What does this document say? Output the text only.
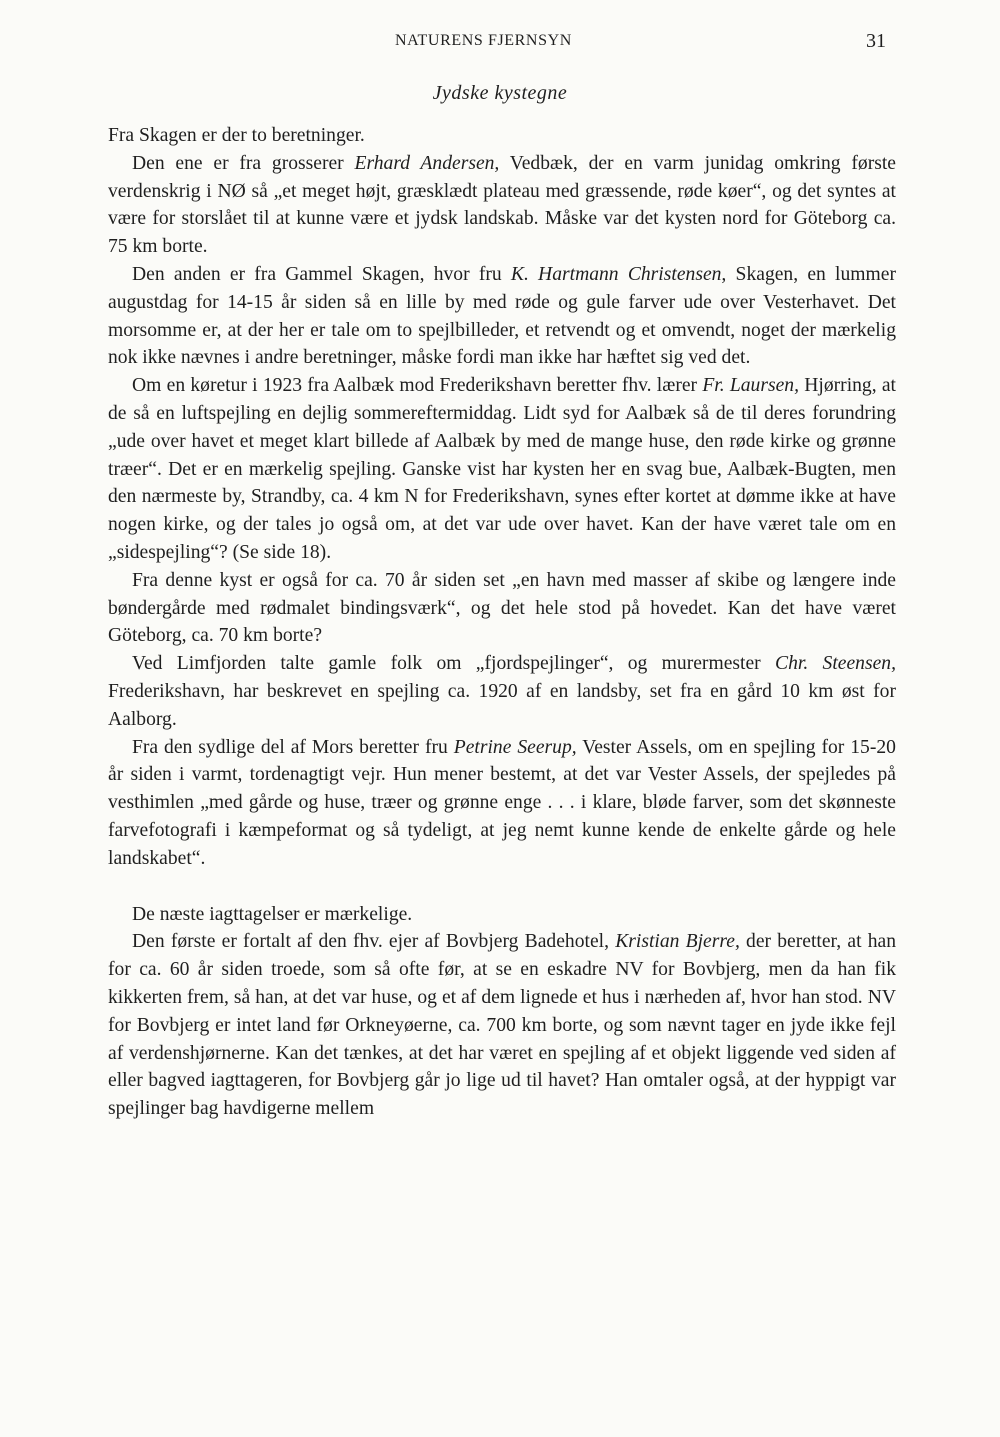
NATURENS FJERNSYN	31
Jydske kystegne

Fra Skagen er der to beretninger.

Den ene er fra grosserer Erhard Andersen, Vedbæk, der en varm junidag omkring første verdenskrig i NØ så „et meget højt, græsklædt plateau med græssende, røde køer“, og det syntes at være for storslået til at kunne være et jydsk landskab. Måske var det kysten nord for Göteborg ca. 75 km borte.

Den anden er fra Gammel Skagen, hvor fru K. Hartmann Christensen, Skagen, en lummer augustdag for 14-15 år siden så en lille by med røde og gule farver ude over Vesterhavet. Det morsomme er, at der her er tale om to spejlbilleder, et retvendt og et omvendt, noget der mærkelig nok ikke nævnes i andre beretninger, måske fordi man ikke har hæftet sig ved det.

Om en køretur i 1923 fra Aalbæk mod Frederikshavn beretter fhv. lærer Fr. Laursen, Hjørring, at de så en luftspejling en dejlig sommereftermiddag. Lidt syd for Aalbæk så de til deres forundring „ude over havet et meget klart billede af Aalbæk by med de mange huse, den røde kirke og grønne træer“. Det er en mærkelig spejling. Ganske vist har kysten her en svag bue, Aalbæk-Bugten, men den nærmeste by, Strandby, ca. 4 km N for Frederikshavn, synes efter kortet at dømme ikke at have nogen kirke, og der tales jo også om, at det var ude over havet. Kan der have været tale om en „sidespejling“? (Se side 18).

Fra denne kyst er også for ca. 70 år siden set „en havn med masser af skibe og længere inde bøndergårde med rødmalet bindingsværk“, og det hele stod på hovedet. Kan det have været Göteborg, ca. 70 km borte?

Ved Limfjorden talte gamle folk om „fjordspejlinger“, og murermester Chr. Steensen, Frederikshavn, har beskrevet en spejling ca. 1920 af en landsby, set fra en gård 10 km øst for Aalborg.

Fra den sydlige del af Mors beretter fru Petrine Seerup, Vester Assels, om en spejling for 15-20 år siden i varmt, tordenagtigt vejr. Hun mener bestemt, at det var Vester Assels, der spejledes på vesthimlen „med gårde og huse, træer og grønne enge . . . i klare, bløde farver, som det skønneste farvefotografi i kæmpeformat og så tydeligt, at jeg nemt kunne kende de enkelte gårde og hele landskabet“.

De næste iagttagelser er mærkelige.

Den første er fortalt af den fhv. ejer af Bovbjerg Badehotel, Kristian Bjerre, der beretter, at han for ca. 60 år siden troede, som så ofte før, at se en eskadre NV for Bovbjerg, men da han fik kikkerten frem, så han, at det var huse, og et af dem lignede et hus i nærheden af, hvor han stod. NV for Bovbjerg er intet land før Orkneyøerne, ca. 700 km borte, og som nævnt tager en jyde ikke fejl af verdenshjørnerne. Kan det tænkes, at det har været en spejling af et objekt liggende ved siden af eller bagved iagttageren, for Bovbjerg går jo lige ud til havet? Han omtaler også, at der hyppigt var spejlinger bag havdigerne mellem
